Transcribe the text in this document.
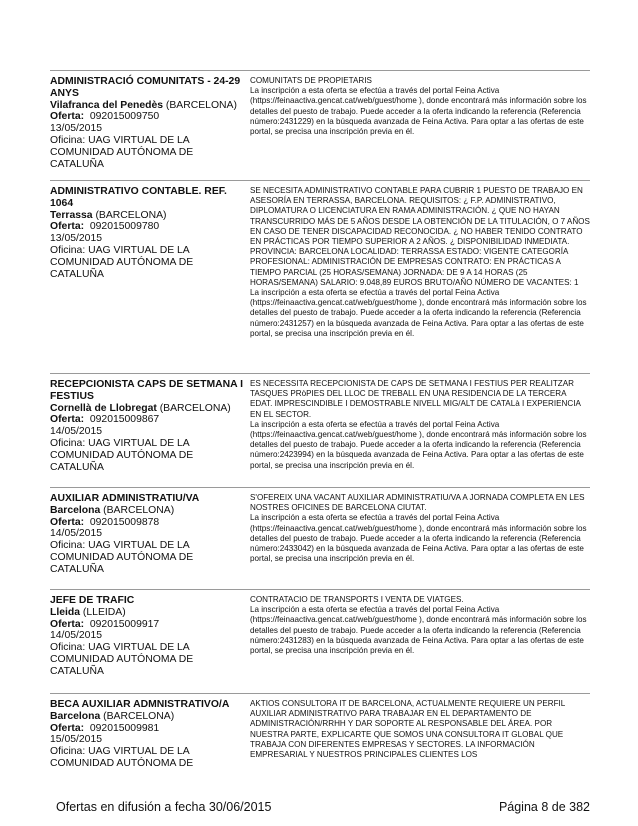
ADMINISTRACIÓ COMUNITATS - 24-29 ANYS
Vilafranca del Penedès (BARCELONA)
Oferta: 092015009750
13/05/2015
Oficina: UAG VIRTUAL DE LA COMUNIDAD AUTÓNOMA DE CATALUÑA
COMUNITATS DE PROPIETARIS
La inscripción a esta oferta se efectúa a través del portal Feina Activa (https://feinaactiva.gencat.cat/web/guest/home ), donde encontrará más información sobre los detalles del puesto de trabajo. Puede acceder a la oferta indicando la referencia (Referencia número:2431229) en la búsqueda avanzada de Feina Activa. Para optar a las ofertas de este portal, se precisa una inscripción previa en él.
ADMINISTRATIVO CONTABLE. REF. 1064
Terrassa (BARCELONA)
Oferta: 092015009780
13/05/2015
Oficina: UAG VIRTUAL DE LA COMUNIDAD AUTÓNOMA DE CATALUÑA
SE NECESITA ADMINISTRATIVO CONTABLE PARA CUBRIR 1 PUESTO DE TRABAJO EN ASESORÍA EN TERRASSA, BARCELONA. REQUISITOS: ¿ F.P. ADMINISTRATIVO, DIPLOMATURA O LICENCIATURA EN RAMA ADMINISTRACIÓN. ¿ QUE NO HAYAN TRANSCURRIDO MÁS DE 5 AÑOS DESDE LA OBTENCIÓN DE LA TITULACIÓN, O 7 AÑOS EN CASO DE TENER DISCAPACIDAD RECONOCIDA. ¿ NO HABER TENIDO CONTRATO EN PRÁCTICAS POR TIEMPO SUPERIOR A 2 AÑOS. ¿ DISPONIBILIDAD INMEDIATA. PROVINCIA: BARCELONA LOCALIDAD: TERRASSA ESTADO: VIGENTE CATEGORÍA PROFESIONAL: ADMINISTRACIÓN DE EMPRESAS CONTRATO: EN PRÁCTICAS A TIEMPO PARCIAL (25 HORAS/SEMANA) JORNADA: DE 9 A 14 HORAS (25 HORAS/SEMANA) SALARIO: 9.048,89 EUROS BRUTO/AÑO NÚMERO DE VACANTES: 1
La inscripción a esta oferta se efectúa a través del portal Feina Activa (https://feinaactiva.gencat.cat/web/guest/home ), donde encontrará más información sobre los detalles del puesto de trabajo. Puede acceder a la oferta indicando la referencia (Referencia número:2431257) en la búsqueda avanzada de Feina Activa. Para optar a las ofertas de este portal, se precisa una inscripción previa en él.
RECEPCIONISTA CAPS DE SETMANA I FESTIUS
Cornellà de Llobregat (BARCELONA)
Oferta: 092015009867
14/05/2015
Oficina: UAG VIRTUAL DE LA COMUNIDAD AUTÓNOMA DE CATALUÑA
ES NECESSITA RECEPCIONISTA DE CAPS DE SETMANA I FESTIUS PER REALITZAR TASQUES PRòPIES DEL LLOC DE TREBALL EN UNA RESIDENCIA DE LA TERCERA EDAT. IMPRESCINDIBLE I DEMOSTRABLE NIVELL MIG/ALT DE CATALà I EXPERIENCIA EN EL SECTOR.
La inscripción a esta oferta se efectúa a través del portal Feina Activa (https://feinaactiva.gencat.cat/web/guest/home ), donde encontrará más información sobre los detalles del puesto de trabajo. Puede acceder a la oferta indicando la referencia (Referencia número:2423994) en la búsqueda avanzada de Feina Activa. Para optar a las ofertas de este portal, se precisa una inscripción previa en él.
AUXILIAR ADMINISTRATIU/VA
Barcelona (BARCELONA)
Oferta: 092015009878
14/05/2015
Oficina: UAG VIRTUAL DE LA COMUNIDAD AUTÓNOMA DE CATALUÑA
S'OFEREIX UNA VACANT AUXILIAR ADMINISTRATIU/VA A JORNADA COMPLETA EN LES NOSTRES OFICINES DE BARCELONA CIUTAT.
La inscripción a esta oferta se efectúa a través del portal Feina Activa (https://feinaactiva.gencat.cat/web/guest/home ), donde encontrará más información sobre los detalles del puesto de trabajo. Puede acceder a la oferta indicando la referencia (Referencia número:2433042) en la búsqueda avanzada de Feina Activa. Para optar a las ofertas de este portal, se precisa una inscripción previa en él.
JEFE DE TRAFIC
Lleida (LLEIDA)
Oferta: 092015009917
14/05/2015
Oficina: UAG VIRTUAL DE LA COMUNIDAD AUTÓNOMA DE CATALUÑA
CONTRATACIO DE TRANSPORTS I VENTA DE VIATGES.
La inscripción a esta oferta se efectúa a través del portal Feina Activa (https://feinaactiva.gencat.cat/web/guest/home ), donde encontrará más información sobre los detalles del puesto de trabajo. Puede acceder a la oferta indicando la referencia (Referencia número:2431283) en la búsqueda avanzada de Feina Activa. Para optar a las ofertas de este portal, se precisa una inscripción previa en él.
BECA AUXILIAR ADMNISTRATIVO/A
Barcelona (BARCELONA)
Oferta: 092015009981
15/05/2015
Oficina: UAG VIRTUAL DE LA COMUNIDAD AUTÓNOMA DE
AKTIOS CONSULTORA IT DE BARCELONA, ACTUALMENTE REQUIERE UN PERFIL AUXILIAR ADMINISTRATIVO PARA TRABAJAR EN EL DEPARTAMENTO DE ADMINISTRACIÓN/RRHH Y DAR SOPORTE AL RESPONSABLE DEL ÁREA. POR NUESTRA PARTE, EXPLICARTE QUE SOMOS UNA CONSULTORA IT GLOBAL QUE TRABAJA CON DIFERENTES EMPRESAS Y SECTORES. LA INFORMACIÓN EMPRESARIAL Y NUESTROS PRINCIPALES CLIENTES LOS
Ofertas en difusión a fecha 30/06/2015	Página 8 de 382
